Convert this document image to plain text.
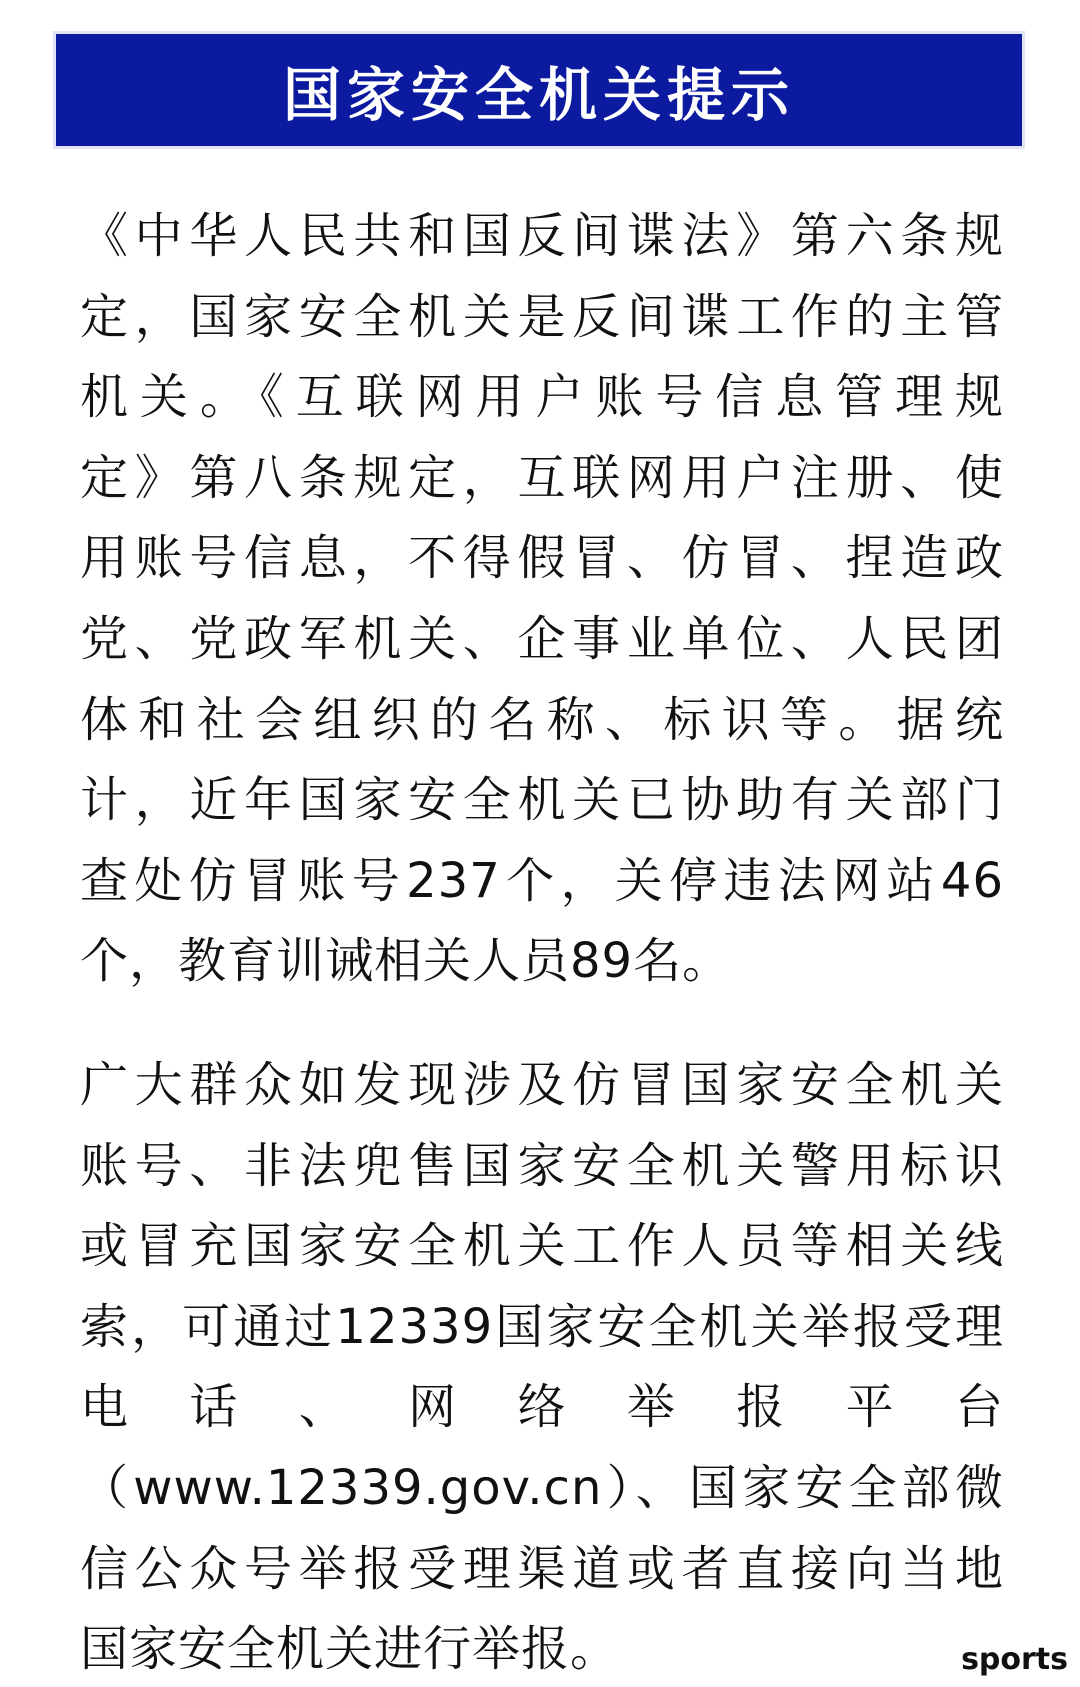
国家安全机关提示
《中华人民共和国反间谍法》第六条规
定，国家安全机关是反间谍工作的主管
机关。《互联网用户账号信息管理规
定》第八条规定，互联网用户注册、使
用账号信息，不得假冒、仿冒、捏造政
党、党政军机关、企事业单位、人民团
体和社会组织的名称、标识等。据统
计，近年国家安全机关已协助有关部门
查处仿冒账号237个，关停违法网站46
个，教育训诫相关人员89名。
广大群众如发现涉及仿冒国家安全机关
账号、非法兜售国家安全机关警用标识
或冒充国家安全机关工作人员等相关线
索，可通过12339国家安全机关举报受理
电话、网络举报平台
（www.12339.gov.cn）、国家安全部微
信公众号举报受理渠道或者直接向当地
国家安全机关进行举报。	sports
